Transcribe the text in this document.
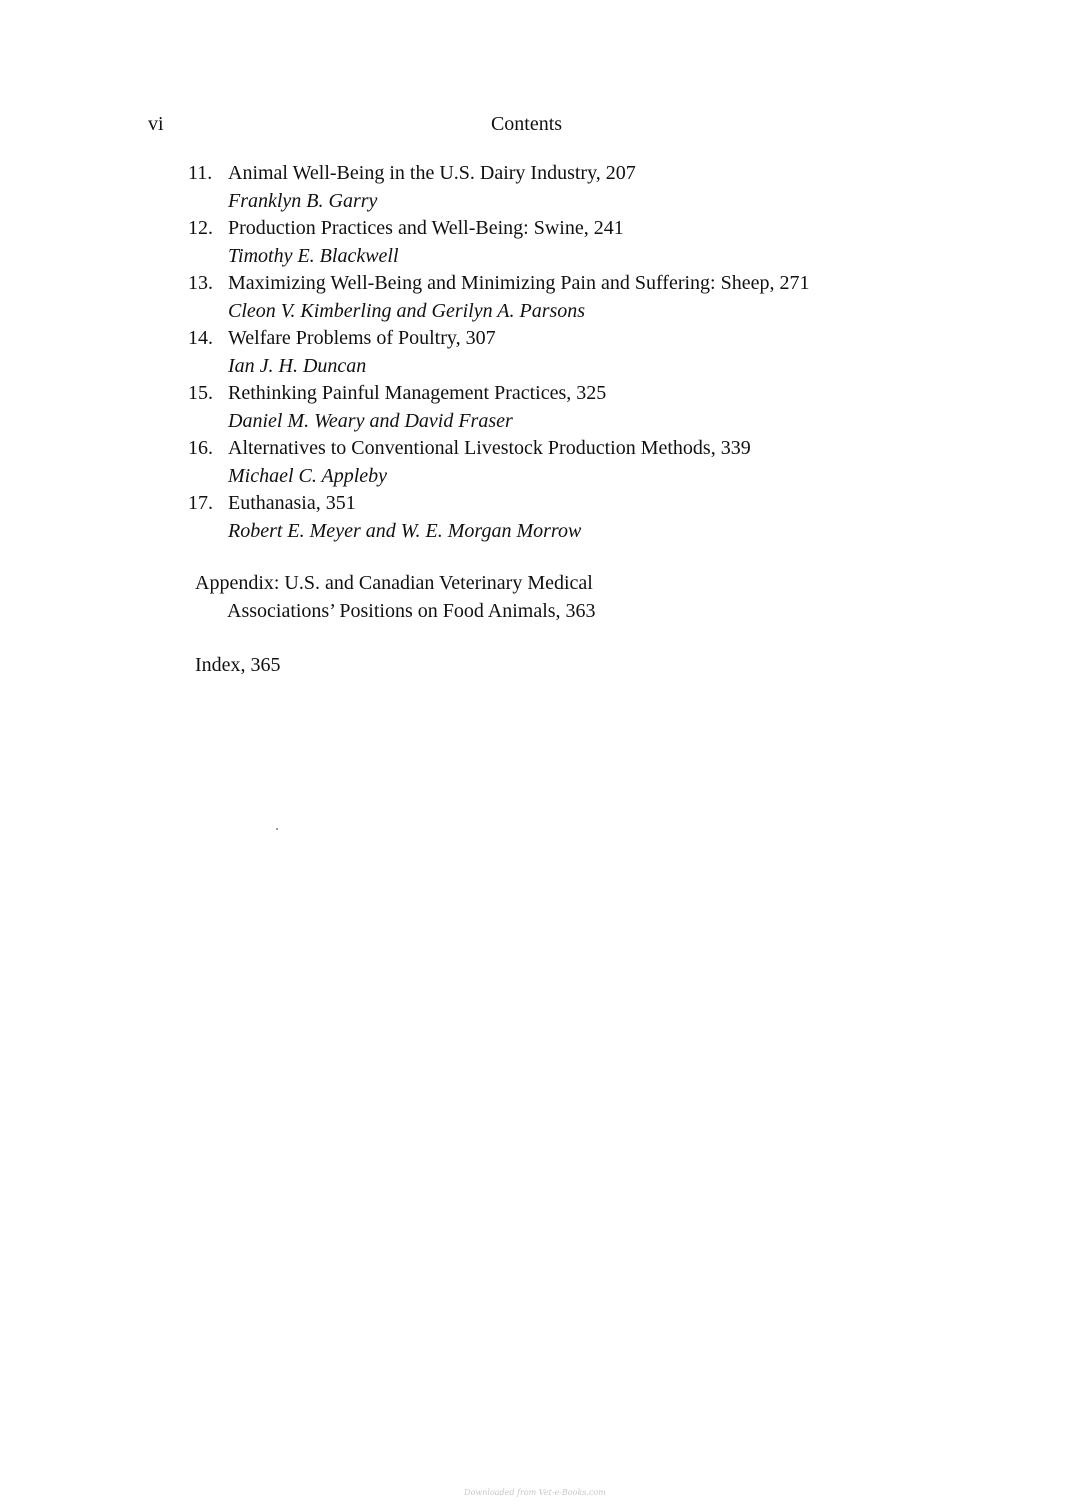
vi	Contents
11. Animal Well-Being in the U.S. Dairy Industry, 207
Franklyn B. Garry
12. Production Practices and Well-Being: Swine, 241
Timothy E. Blackwell
13. Maximizing Well-Being and Minimizing Pain and Suffering: Sheep, 271
Cleon V. Kimberling and Gerilyn A. Parsons
14. Welfare Problems of Poultry, 307
Ian J. H. Duncan
15. Rethinking Painful Management Practices, 325
Daniel M. Weary and David Fraser
16. Alternatives to Conventional Livestock Production Methods, 339
Michael C. Appleby
17. Euthanasia, 351
Robert E. Meyer and W. E. Morgan Morrow
Appendix: U.S. and Canadian Veterinary Medical
Associations’ Positions on Food Animals, 363
Index, 365
Downloaded from Vet-e-Books.com
